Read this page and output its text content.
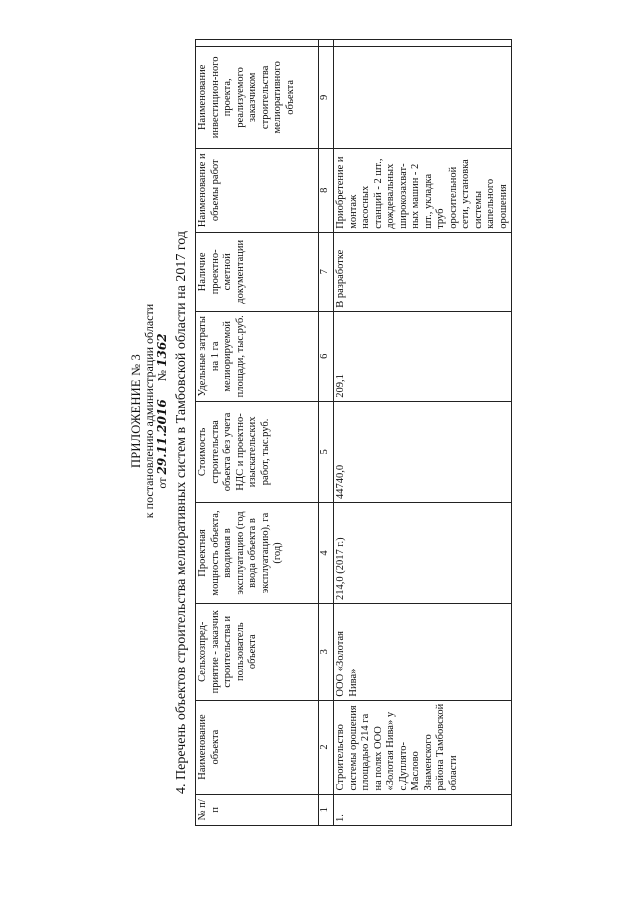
ПРИЛОЖЕНИЕ № 3 к постановлению администрации области от 29.11.2016      № 1362 4. Перечень объектов строительства мелиоративных систем в Тамбовской области на 2017 год
№ п/п	Наименование объекта	Сельхозпред-приятие - заказчик строительства и пользователь объекта	Проектная мощность объекта, вводимая в эксплуатацию (год ввода объекта в эксплуатацию), га (год)	Стоимость строительства объекта без учета НДС и проектно-изыскательских работ, тыс.руб.	Удельные затраты на 1 га мелиорируемой площади, тыс.руб.	Наличие проектно-сметной документации	Наименование и объемы работ	Наименование инвестицион-ного проекта, реализуемого заказчиком строительства мелиоративного объекта	
1	2	3	4	5	6	7	8	9	
1.	Строительство системы орошения площадью 214 га на полях ООО «Золотая Нива» у с.Дуплято-Маслово Знаменского района Тамбовской области	ООО «Золотая Нива»	214,0 (2017 г.)	44740,0	209,1	В разработке	Приобретение и монтаж насосных станций - 2 шт., дождевальных широкозахват-ных машин - 2 шт., укладка труб оросительной сети, установка системы капельного орошения		
